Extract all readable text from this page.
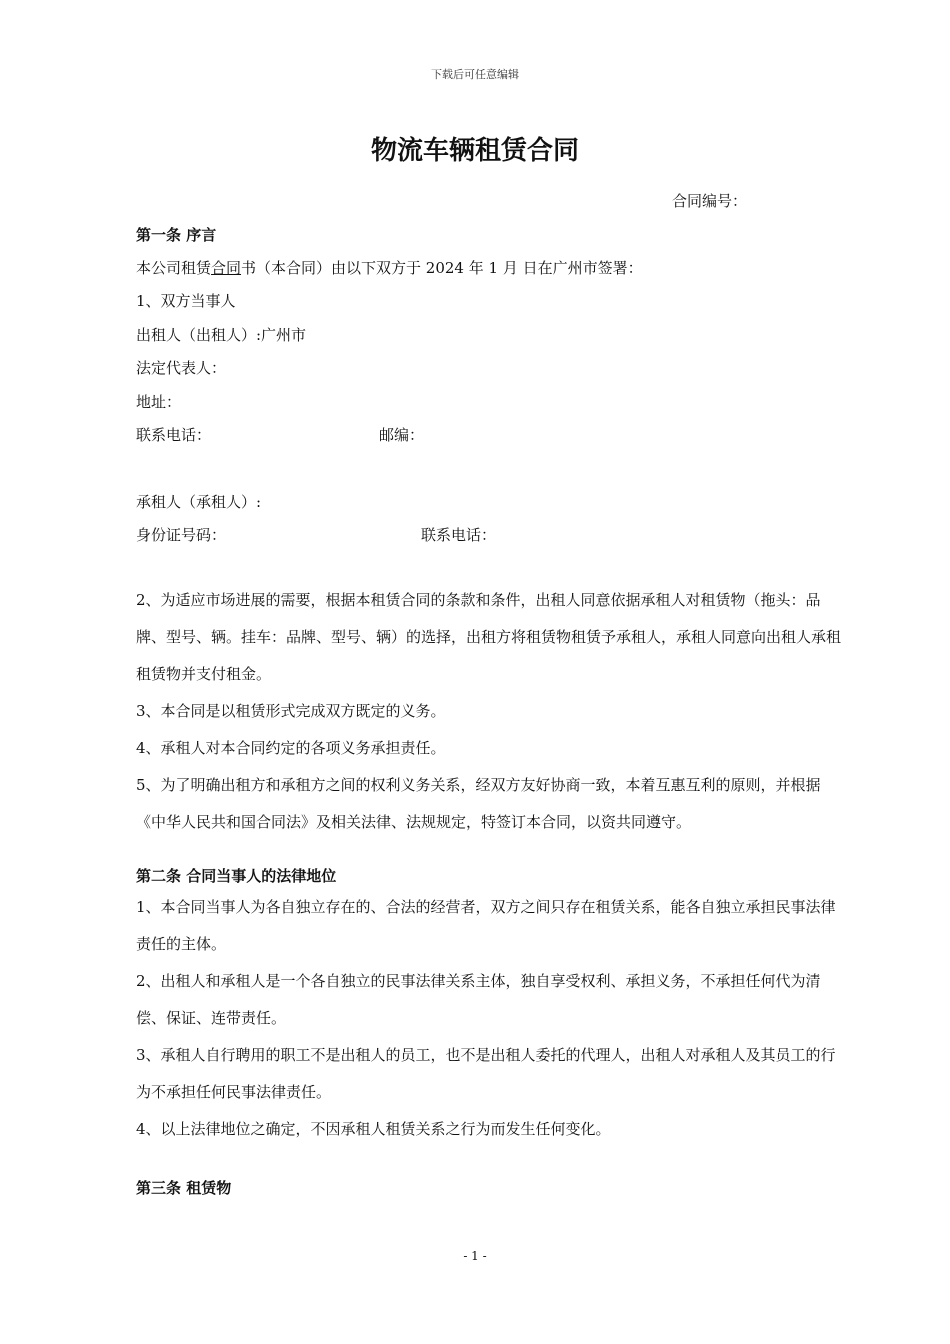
下载后可任意编辑
物流车辆租赁合同
合同编号：
第一条 序言
本公司租赁合同书（本合同）由以下双方于 2024 年 1 月 日在广州市签署：
1、双方当事人
出租人（出租人）:广州市
法定代表人：
地址：
联系电话：	邮编：
承租人（承租人）:
身份证号码：	联系电话：

2、为适应市场进展的需要，根据本租赁合同的条款和条件，出租人同意依据承租人对租赁物（拖头：品牌、型号、辆。挂车：品牌、型号、辆）的选择，出租方将租赁物租赁予承租人，承租人同意向出租人承租租赁物并支付租金。

3、本合同是以租赁形式完成双方既定的义务。

4、承租人对本合同约定的各项义务承担责任。

5、为了明确出租方和承租方之间的权利义务关系，经双方友好协商一致，本着互惠互利的原则，并根据《中华人民共和国合同法》及相关法律、法规规定，特签订本合同，以资共同遵守。

第二条 合同当事人的法律地位

1、本合同当事人为各自独立存在的、合法的经营者，双方之间只存在租赁关系，能各自独立承担民事法律责任的主体。

2、出租人和承租人是一个各自独立的民事法律关系主体，独自享受权利、承担义务，不承担任何代为清偿、保证、连带责任。

3、承租人自行聘用的职工不是出租人的员工，也不是出租人委托的代理人，出租人对承租人及其员工的行为不承担任何民事法律责任。

4、以上法律地位之确定，不因承租人租赁关系之行为而发生任何变化。

第三条 租赁物
- 1 -
